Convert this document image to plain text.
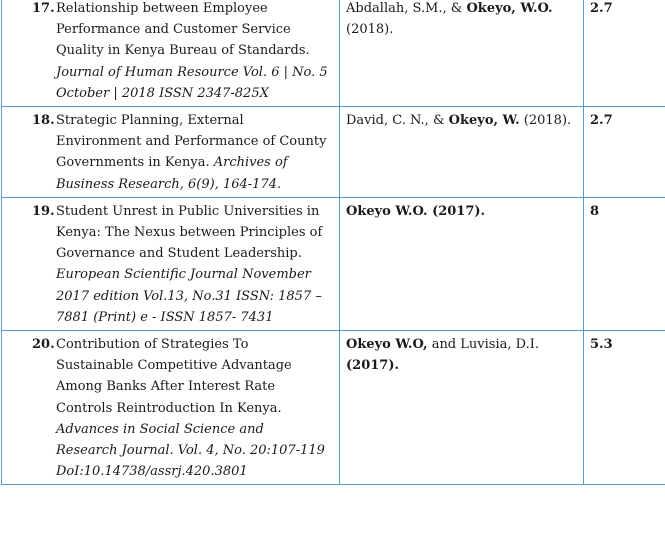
17. Relationship between Employee Performance and Customer Service Quality in Kenya Bureau of Standards. Journal of Human Resource Vol. 6 | No. 5 October | 2018 ISSN 2347-825X	Abdallah, S.M., & Okeyo, W.O. (2018).	2.7

18. Strategic Planning, External Environment and Performance of County Governments in Kenya. Archives of Business Research, 6(9), 164-174.	David, C. N., & Okeyo, W. (2018).	2.7

19. Student Unrest in Public Universities in Kenya: The Nexus between Principles of Governance and Student Leadership. European Scientific Journal November 2017 edition Vol.13, No.31 ISSN: 1857 – 7881 (Print) e - ISSN 1857- 7431	Okeyo W.O. (2017).	8

20. Contribution of Strategies To Sustainable Competitive Advantage Among Banks After Interest Rate Controls Reintroduction In Kenya. Advances in Social Science and Research Journal. Vol. 4, No. 20:107-119 DoI:10.14738/assrj.420.3801	Okeyo W.O, and Luvisia, D.I. (2017).	5.3
